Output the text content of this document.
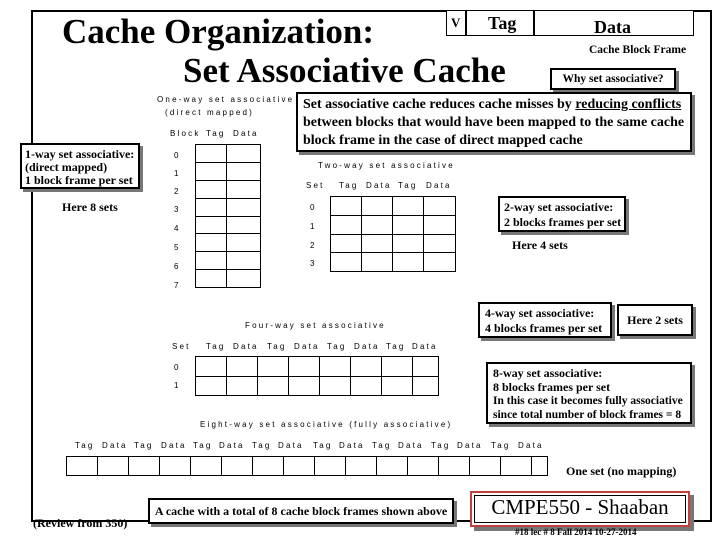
Cache Organization:
Set Associative Cache
V Tag	Data
Cache Block Frame
Why set associative?
Set associative cache reduces cache misses by reducing conflicts between blocks that would have been mapped to the same cache block frame in the case of direct mapped cache
One-way set associative
(direct mapped)
Block Tag Data

0
1
2
3
4
5
6
7
1-way set associative:
(direct mapped)
1 block frame per set
Here 8 sets
Two-way set associative
Set Tag Data Tag Data

0
1
2
3
2-way set associative:
2 blocks frames per set
Here 4 sets
4-way set associative:
4 blocks frames per set
Here 2 sets
Four-way set associative
Set Tag Data Tag Data Tag Data Tag Data

0
1
8-way set associative:
8 blocks frames per set
In this case it becomes fully associative
since total number of block frames = 8
Eight-way set associative (fully associative)
Tag Data Tag Data Tag Data Tag Data Tag Data Tag Data Tag Data Tag Data

One set (no mapping)
A cache with a total of 8 cache block frames shown above
(Review from 350)
CMPE550 - Shaaban
#18 lec # 8 Fall 2014 10-27-2014
